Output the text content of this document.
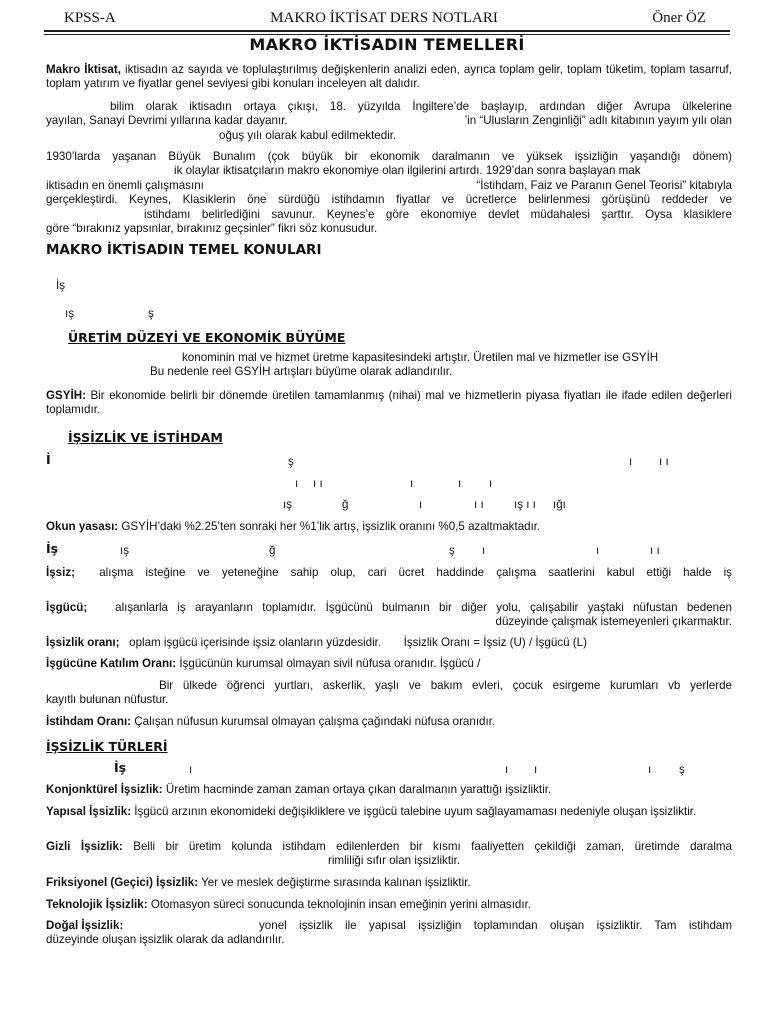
KPSS-A	MAKRO İKTİSAT DERS NOTLARI	Öner ÖZ
MAKRO İKTİSADIN TEMELLERİ
Makro İktisat, iktisadın az sayıda ve toplulaştırılmış değişkenlerin analizi eden, ayrıca toplam gelir, toplam tüketim, toplam tasarruf, toplam yatırım ve fiyatlar genel seviyesi gibi konuları inceleyen alt dalıdır.
bilim olarak iktisadın ortaya çıkışı, 18. yüzyılda İngiltere’de başlayıp, ardından diğer Avrupa ülkelerine
yayılan, Sanayi Devrimi yıllarına kadar dayanır.	’in “Ulusların Zenginliği” adlı kitabının yayım yılı olan
oğuş yılı olarak kabul edilmektedir.
1930’larda yaşanan Büyük Bunalım (çok büyük bir ekonomik daralmanın ve yüksek işsizliğin yaşandığı dönem)
ik olaylar iktisatçıların makro ekonomiye olan ilgilerini artırdı. 1929’dan sonra başlayan mak
iktisadın en önemli çalışmasını	“İstihdam, Faiz ve Paranın Genel Teorisi” kitabıyla
gerçekleştirdi. Keynes, Klasiklerin öne sürdüğü istihdamın fiyatlar ve ücretlerce belirlenmesi görüşünü reddeder ve
istihdamı belirlediğini savunur. Keynes’e göre ekonomiye devlet müdahalesi şarttır. Oysa klasiklere
göre “bırakınız yapsınlar, bırakınız geçsinler” fikri söz konusudur.
MAKRO İKTİSADIN TEMEL KONULARI
İş
ış	ş
ÜRETİM DÜZEYİ VE EKONOMİK BÜYÜME
konominin mal ve hizmet üretme kapasitesindeki artıştır. Üretilen mal ve hizmetler ise GSYİH
Bu nedenle reel GSYİH artışları büyüme olarak adlandırılır.
GSYİH: Bir ekonomide belirli bir dönemde üretilen tamamlanmış (nihai) mal ve hizmetlerin piyasa fiyatları ile ifade edilen değerleri toplamıdır.
İŞSİZLİK VE İSTİHDAM
İ	ş	ı ı ı
ı ı ı	ı	ı ı
ış	ğ	ı	ı ı	ış ı ı ığı
Okun yasası: GSYİH’daki %2.25’ten sonraki her %1’lik artış, işsizlik oranını %0,5 azaltmaktadır.
İş	ış	ğ	ş ı	ı	ı ı
İşsiz; alışma isteğine ve yeteneğine sahip olup, cari ücret haddinde çalışma saatlerini kabul ettiği halde iş
İşgücü; alışanlarla iş arayanların toplamıdır. İşgücünü bulmanın bir diğer yolu, çalışabilir yaştaki nüfustan bedenen
düzeyinde çalışmak istemeyenleri çıkarmaktır.
İşsizlik oranı; oplam işgücü içerisinde işsiz olanların yüzdesidir. İşsizlik Oranı = İşsiz (U) / İşgücü (L)
İşgücüne Katılım Oranı: İşgücünün kurumsal olmayan sivil nüfusa oranıdır. İşgücü /
Bir ülkede öğrenci yurtları, askerlik, yaşlı ve bakım evleri, çocuk esirgeme kurumları vb yerlerde
kayıtlı bulunan nüfustur.
İstihdam Oranı: Çalışan nüfusun kurumsal olmayan çalışma çağındaki nüfusa oranıdır.
İŞSİZLİK TÜRLERİ
İş	ı	ı ı	ı ş
Konjonktürel İşsizlik: Üretim hacminde zaman zaman ortaya çıkan daralmanın yarattığı işsizliktir.
Yapısal İşsizlik: İşgücü arzının ekonomideki değişikliklere ve işgücü talebine uyum sağlayamaması nedeniyle oluşan işsizliktir.
Gizli İşsizlik: Belli bir üretim kolunda istihdam edilenlerden bir kısmı faaliyetten çekildiği zaman, üretimde daralma
rimliliği sıfır olan işsizliktir.
Friksiyonel (Geçici) İşsizlik: Yer ve meslek değiştirme sırasında kalınan işsizliktir.
Teknolojik İşsizlik: Otomasyon süreci sonucunda teknolojinin insan emeğinin yerini almasıdır.
Doğal İşsizlik:	yonel işsizlik ile yapısal işsizliğin toplamından oluşan işsizliktir. Tam istihdam
düzeyinde oluşan işsizlik olarak da adlandırılır.
